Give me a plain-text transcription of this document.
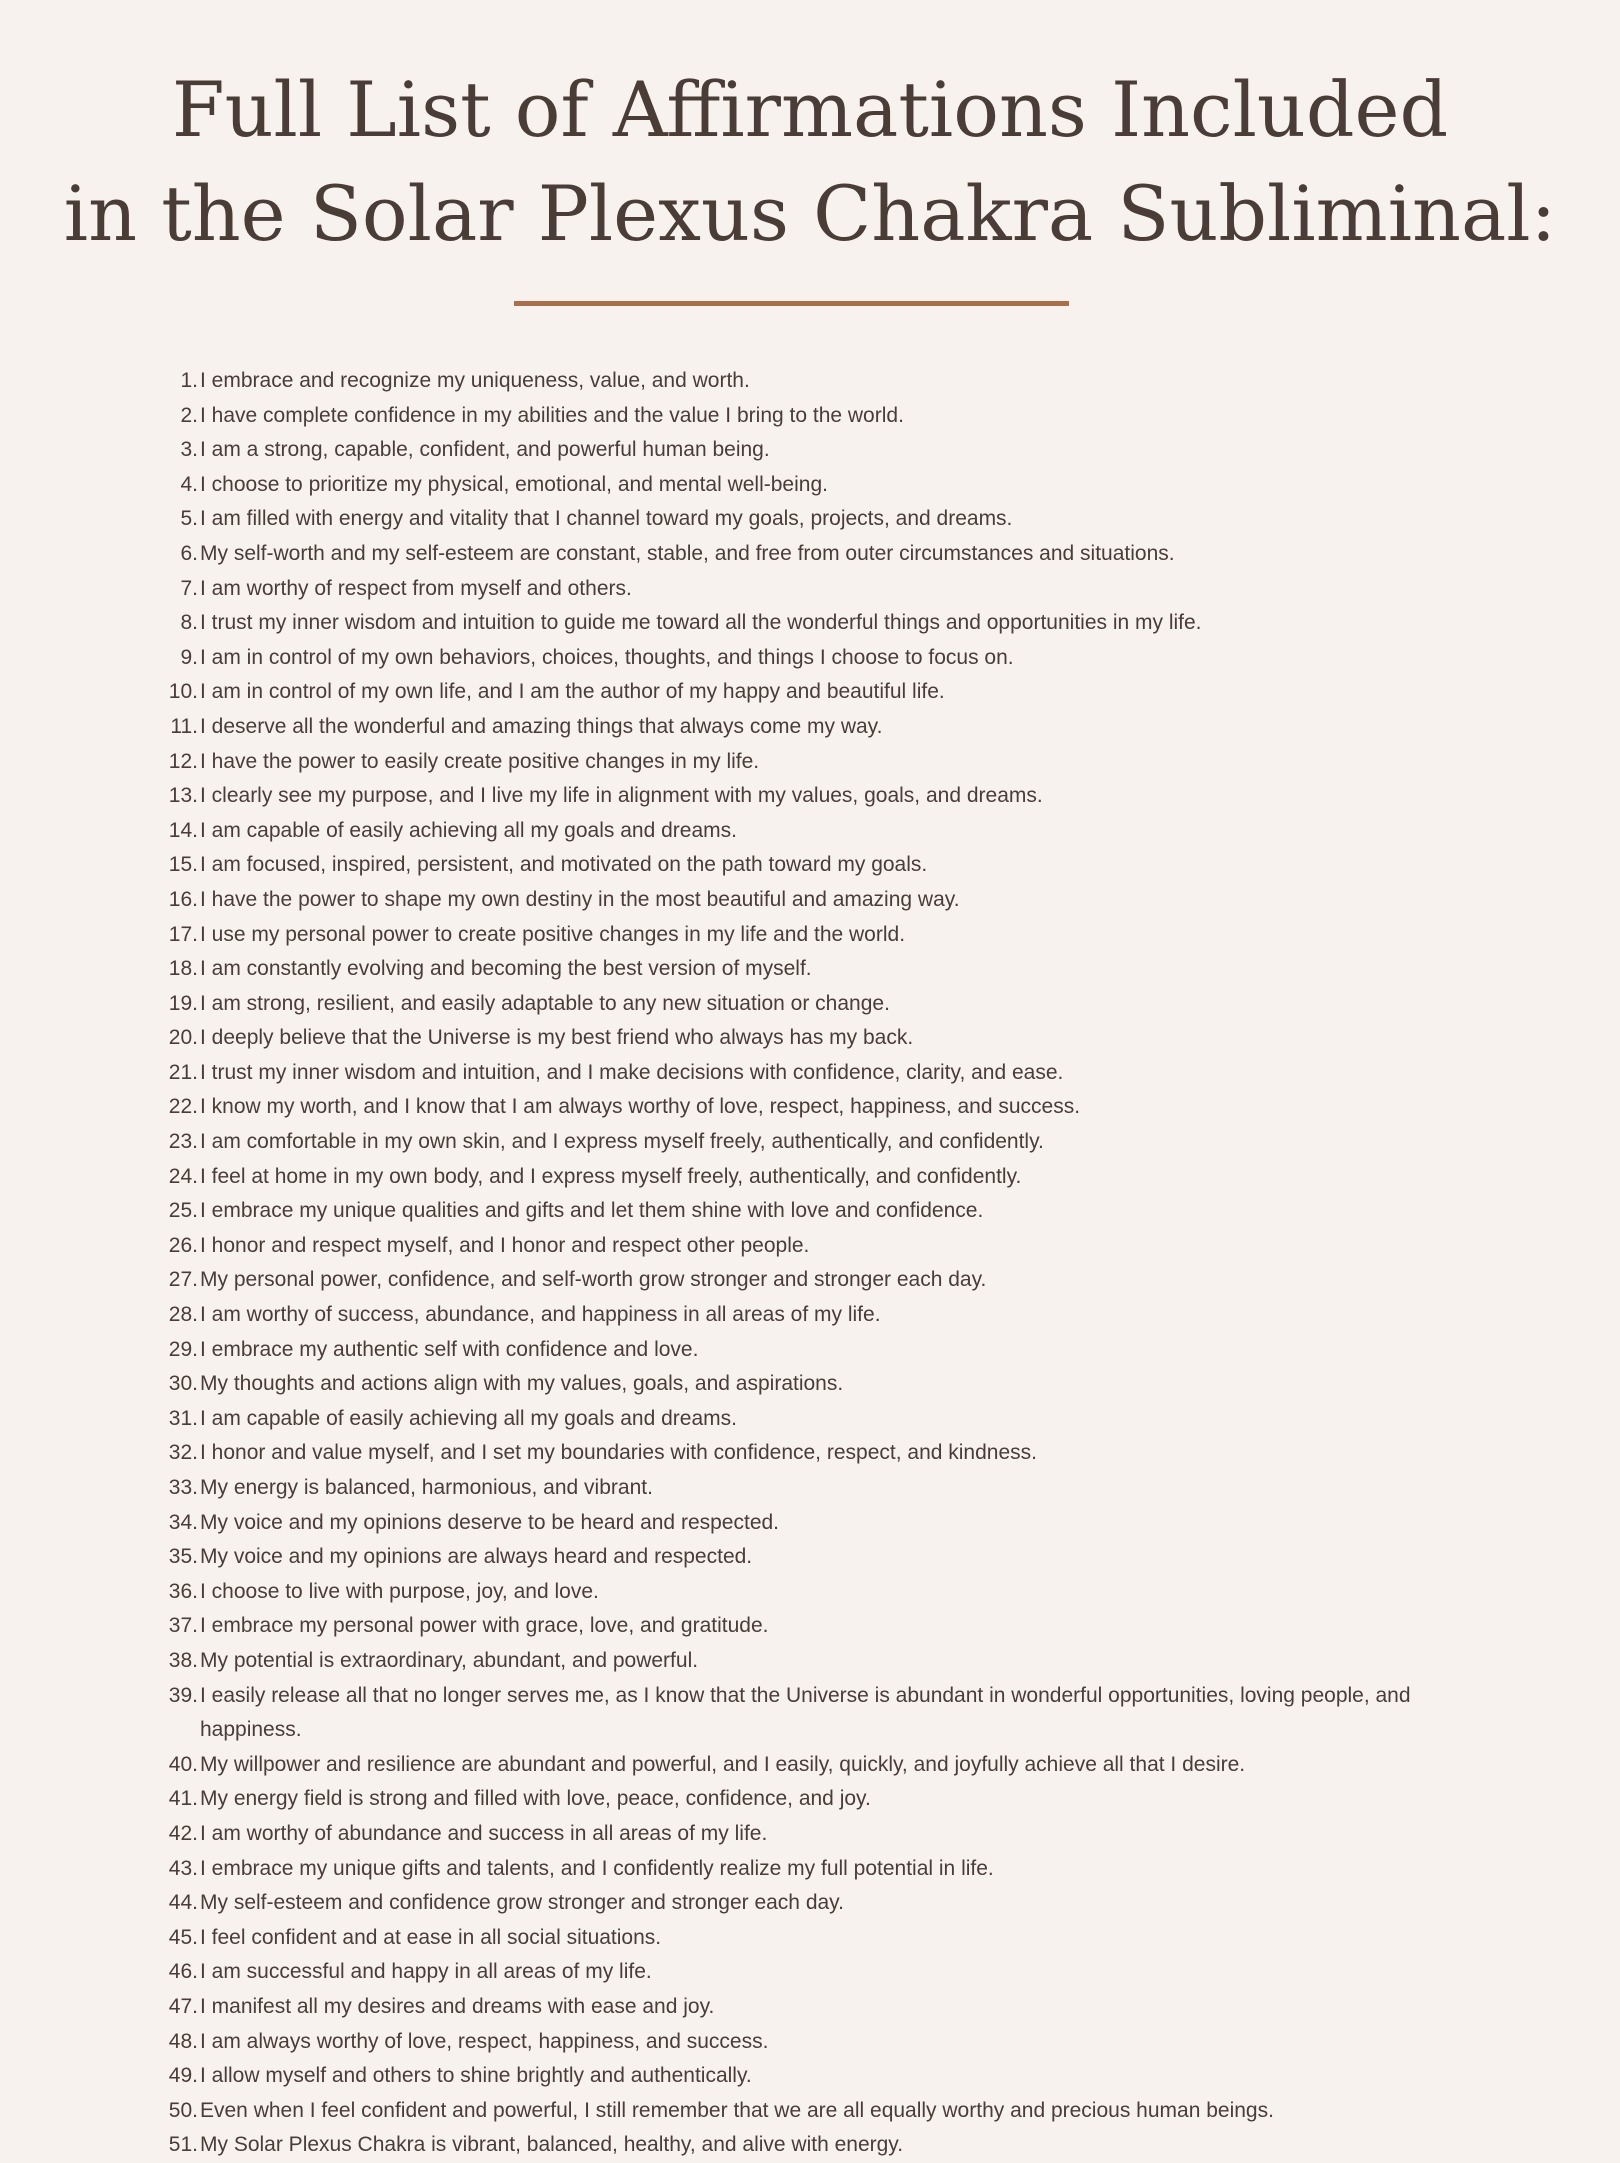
Full List of Affirmations Included
in the Solar Plexus Chakra Subliminal:
1. I embrace and recognize my uniqueness, value, and worth.
2. I have complete confidence in my abilities and the value I bring to the world.
3. I am a strong, capable, confident, and powerful human being.
4. I choose to prioritize my physical, emotional, and mental well-being.
5. I am filled with energy and vitality that I channel toward my goals, projects, and dreams.
6. My self-worth and my self-esteem are constant, stable, and free from outer circumstances and situations.
7. I am worthy of respect from myself and others.
8. I trust my inner wisdom and intuition to guide me toward all the wonderful things and opportunities in my life.
9. I am in control of my own behaviors, choices, thoughts, and things I choose to focus on.
10. I am in control of my own life, and I am the author of my happy and beautiful life.
11. I deserve all the wonderful and amazing things that always come my way.
12. I have the power to easily create positive changes in my life.
13. I clearly see my purpose, and I live my life in alignment with my values, goals, and dreams.
14. I am capable of easily achieving all my goals and dreams.
15. I am focused, inspired, persistent, and motivated on the path toward my goals.
16. I have the power to shape my own destiny in the most beautiful and amazing way.
17. I use my personal power to create positive changes in my life and the world.
18. I am constantly evolving and becoming the best version of myself.
19. I am strong, resilient, and easily adaptable to any new situation or change.
20. I deeply believe that the Universe is my best friend who always has my back.
21. I trust my inner wisdom and intuition, and I make decisions with confidence, clarity, and ease.
22. I know my worth, and I know that I am always worthy of love, respect, happiness, and success.
23. I am comfortable in my own skin, and I express myself freely, authentically, and confidently.
24. I feel at home in my own body, and I express myself freely, authentically, and confidently.
25. I embrace my unique qualities and gifts and let them shine with love and confidence.
26. I honor and respect myself, and I honor and respect other people.
27. My personal power, confidence, and self-worth grow stronger and stronger each day.
28. I am worthy of success, abundance, and happiness in all areas of my life.
29. I embrace my authentic self with confidence and love.
30. My thoughts and actions align with my values, goals, and aspirations.
31. I am capable of easily achieving all my goals and dreams.
32. I honor and value myself, and I set my boundaries with confidence, respect, and kindness.
33. My energy is balanced, harmonious, and vibrant.
34. My voice and my opinions deserve to be heard and respected.
35. My voice and my opinions are always heard and respected.
36. I choose to live with purpose, joy, and love.
37. I embrace my personal power with grace, love, and gratitude.
38. My potential is extraordinary, abundant, and powerful.
39. I easily release all that no longer serves me, as I know that the Universe is abundant in wonderful opportunities, loving people, and happiness.
40. My willpower and resilience are abundant and powerful, and I easily, quickly, and joyfully achieve all that I desire.
41. My energy field is strong and filled with love, peace, confidence, and joy.
42. I am worthy of abundance and success in all areas of my life.
43. I embrace my unique gifts and talents, and I confidently realize my full potential in life.
44. My self-esteem and confidence grow stronger and stronger each day.
45. I feel confident and at ease in all social situations.
46. I am successful and happy in all areas of my life.
47. I manifest all my desires and dreams with ease and joy.
48. I am always worthy of love, respect, happiness, and success.
49. I allow myself and others to shine brightly and authentically.
50. Even when I feel confident and powerful, I still remember that we are all equally worthy and precious human beings.
51. My Solar Plexus Chakra is vibrant, balanced, healthy, and alive with energy.
